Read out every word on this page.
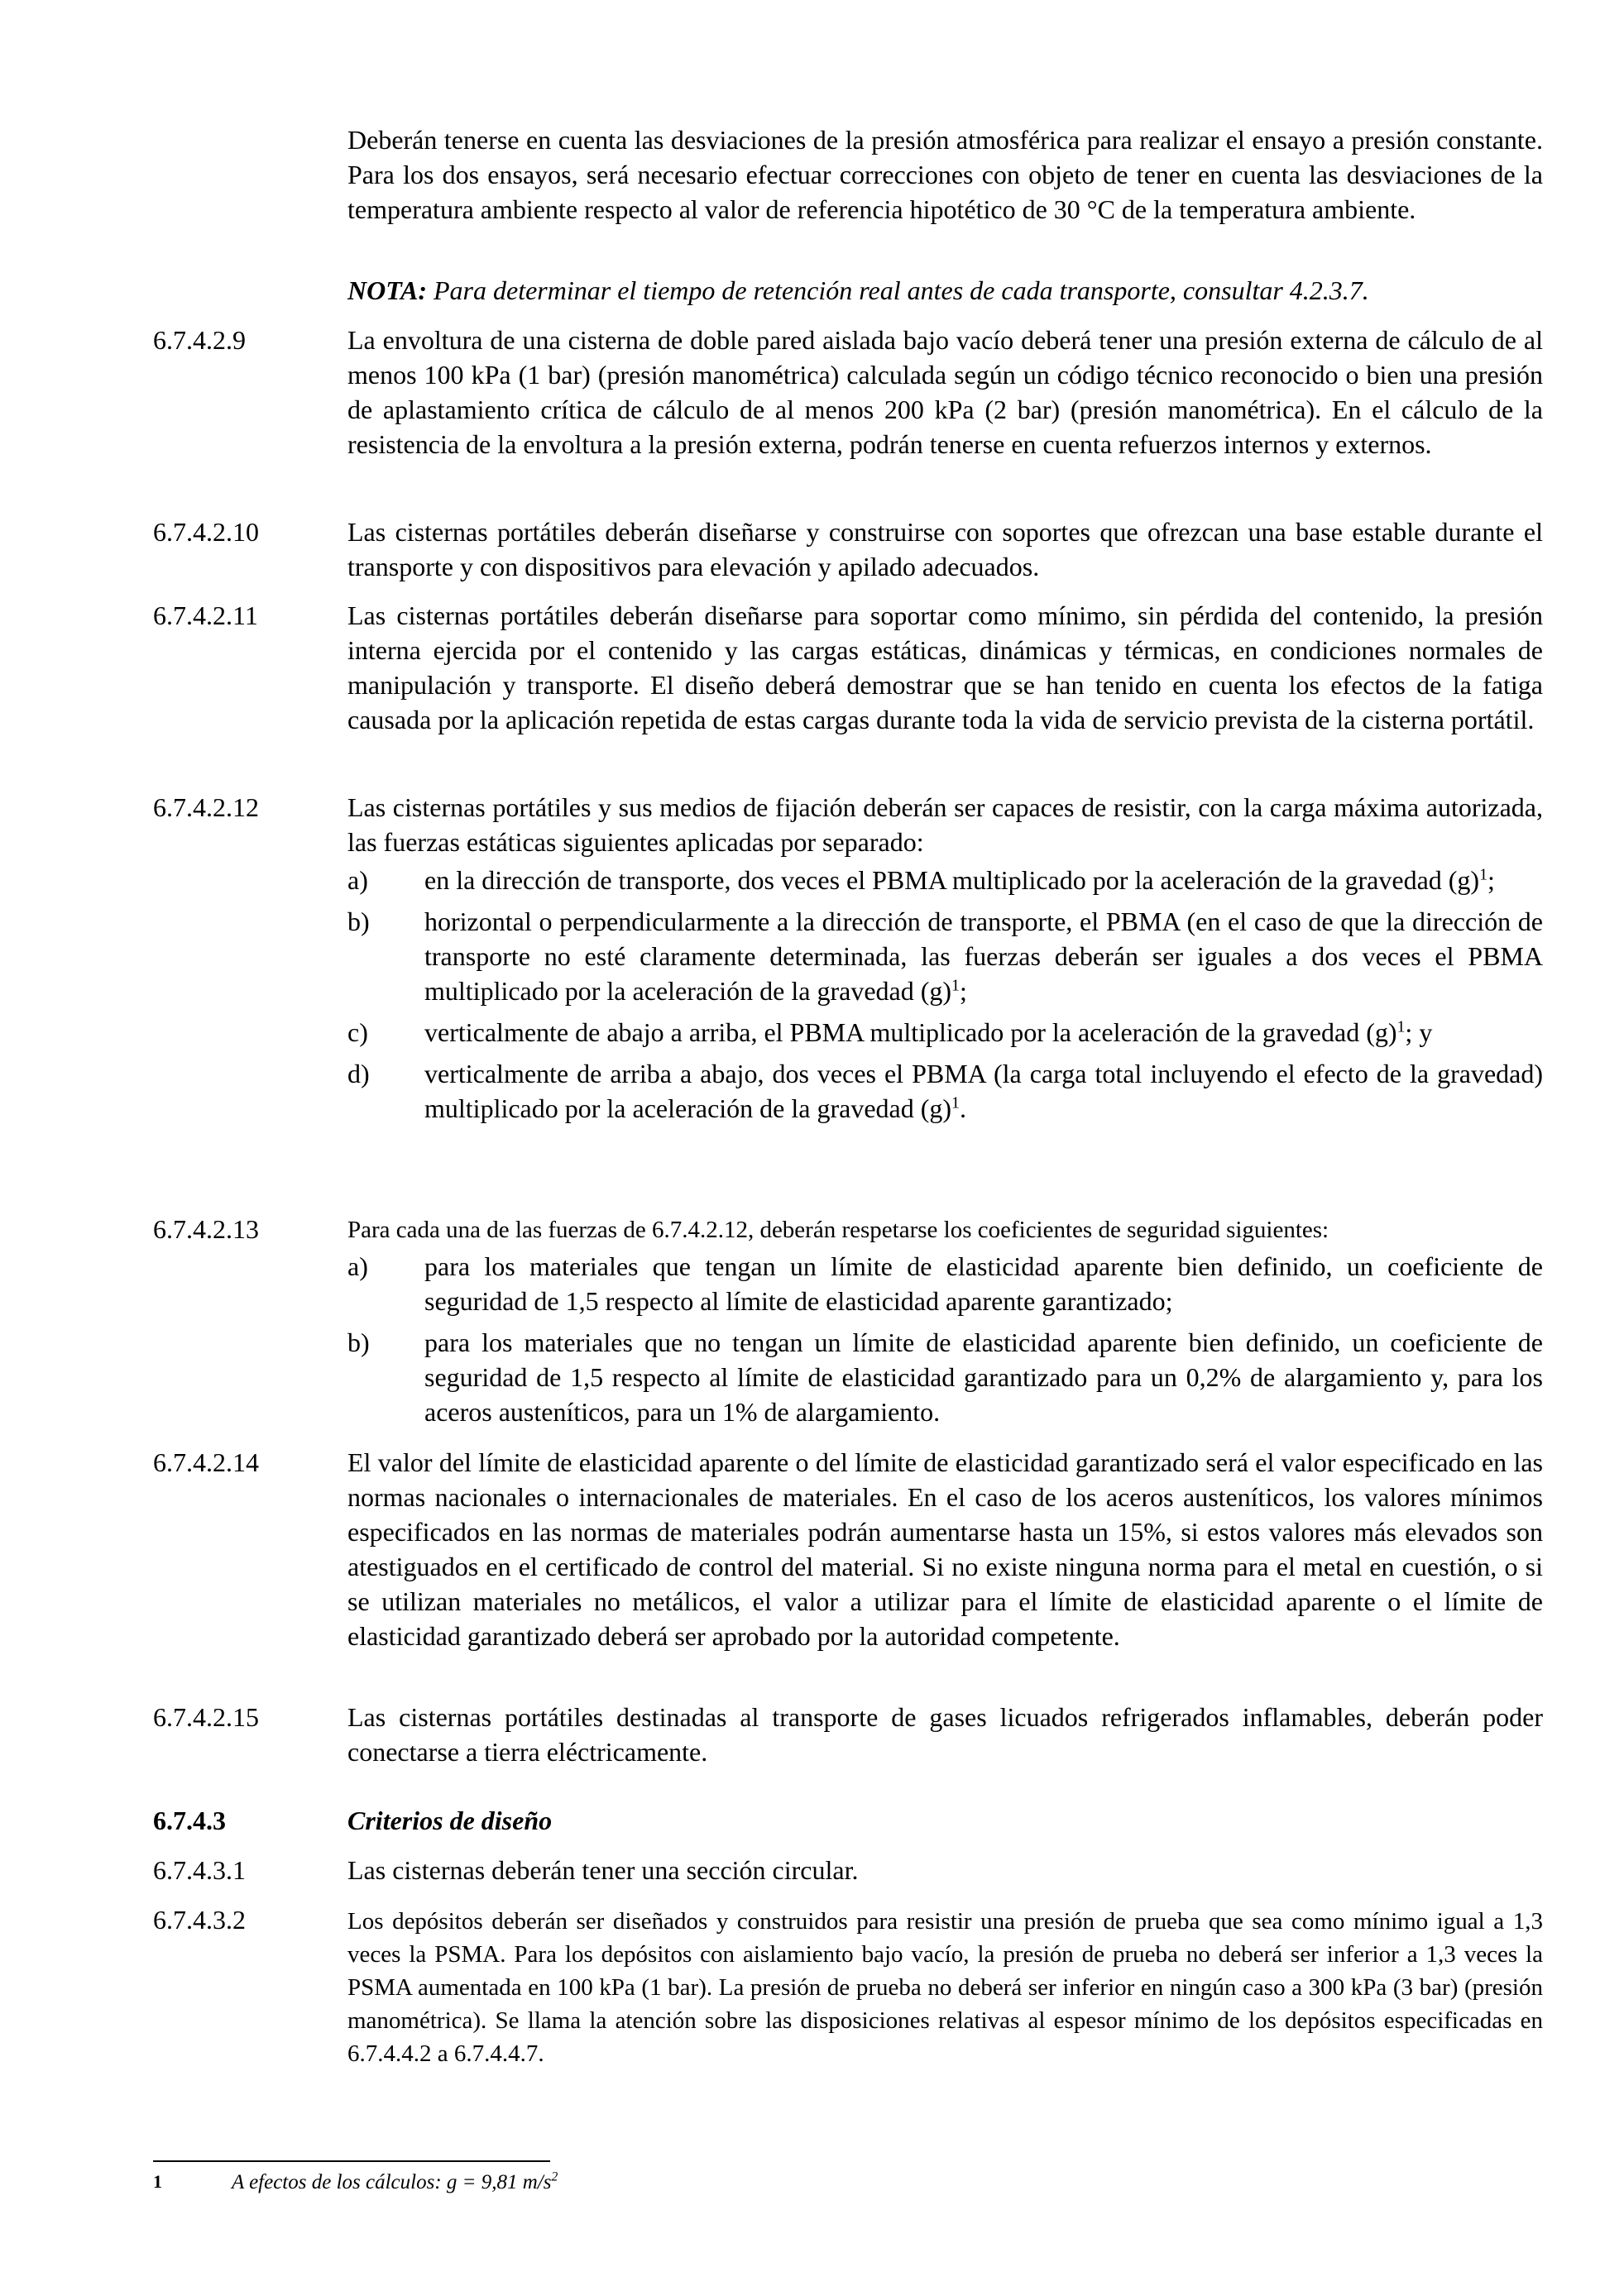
Deberán tenerse en cuenta las desviaciones de la presión atmosférica para realizar el ensayo a presión constante. Para los dos ensayos, será necesario efectuar correcciones con objeto de tener en cuenta las desviaciones de la temperatura ambiente respecto al valor de referencia hipotético de 30 °C de la temperatura ambiente.

NOTA: Para determinar el tiempo de retención real antes de cada transporte, consultar 4.2.3.7.

6.7.4.2.9	La envoltura de una cisterna de doble pared aislada bajo vacío deberá tener una presión externa de cálculo de al menos 100 kPa (1 bar) (presión manométrica) calculada según un código técnico reconocido o bien una presión de aplastamiento crítica de cálculo de al menos 200 kPa (2 bar) (presión manométrica). En el cálculo de la resistencia de la envoltura a la presión externa, podrán tenerse en cuenta refuerzos internos y externos.

6.7.4.2.10	Las cisternas portátiles deberán diseñarse y construirse con soportes que ofrezcan una base estable durante el transporte y con dispositivos para elevación y apilado adecuados.

6.7.4.2.11	Las cisternas portátiles deberán diseñarse para soportar como mínimo, sin pérdida del contenido, la presión interna ejercida por el contenido y las cargas estáticas, dinámicas y térmicas, en condiciones normales de manipulación y transporte. El diseño deberá demostrar que se han tenido en cuenta los efectos de la fatiga causada por la aplicación repetida de estas cargas durante toda la vida de servicio prevista de la cisterna portátil.

6.7.4.2.12	Las cisternas portátiles y sus medios de fijación deberán ser capaces de resistir, con la carga máxima autorizada, las fuerzas estáticas siguientes aplicadas por separado:

a) en la dirección de transporte, dos veces el PBMA multiplicado por la aceleración de la gravedad $(g)^1$;
b) horizontal o perpendicularmente a la dirección de transporte, el PBMA (en el caso de que la dirección de transporte no esté claramente determinada, las fuerzas deberán ser iguales a dos veces el PBMA multiplicado por la aceleración de la gravedad $(g)^1$;
c) verticalmente de abajo a arriba, el PBMA multiplicado por la aceleración de la gravedad $(g)^1$; y
d) verticalmente de arriba a abajo, dos veces el PBMA (la carga total incluyendo el efecto de la gravedad) multiplicado por la aceleración de la gravedad $(g)^1$.
6.7.4.2.13	Para cada una de las fuerzas de 6.7.4.2.12, deberán respetarse los coeficientes de seguridad siguientes:

a) para los materiales que tengan un límite de elasticidad aparente bien definido, un coeficiente de seguridad de 1,5 respecto al límite de elasticidad aparente garantizado;
b) para los materiales que no tengan un límite de elasticidad aparente bien definido, un coeficiente de seguridad de 1,5 respecto al límite de elasticidad garantizado para un 0,2% de alargamiento y, para los aceros austeníticos, para un 1% de alargamiento.
6.7.4.2.14	El valor del límite de elasticidad aparente o del límite de elasticidad garantizado será el valor especificado en las normas nacionales o internacionales de materiales. En el caso de los aceros austeníticos, los valores mínimos especificados en las normas de materiales podrán aumentarse hasta un 15%, si estos valores más elevados son atestiguados en el certificado de control del material. Si no existe ninguna norma para el metal en cuestión, o si se utilizan materiales no metálicos, el valor a utilizar para el límite de elasticidad aparente o el límite de elasticidad garantizado deberá ser aprobado por la autoridad competente.

6.7.4.2.15	Las cisternas portátiles destinadas al transporte de gases licuados refrigerados inflamables, deberán poder conectarse a tierra eléctricamente.

6.7.4.3	Criterios de diseño
6.7.4.3.1	Las cisternas deberán tener una sección circular.

6.7.4.3.2	Los depósitos deberán ser diseñados y construidos para resistir una presión de prueba que sea como mínimo igual a 1,3 veces la PSMA. Para los depósitos con aislamiento bajo vacío, la presión de prueba no deberá ser inferior a 1,3 veces la PSMA aumentada en 100 kPa (1 bar). La presión de prueba no deberá ser inferior en ningún caso a 300 kPa (3 bar) (presión manométrica). Se llama la atención sobre las disposiciones relativas al espesor mínimo de los depósitos especificadas en 6.7.4.4.2 a 6.7.4.4.7.

1	A efectos de los cálculos: g = 9,81 $m/s^2$
